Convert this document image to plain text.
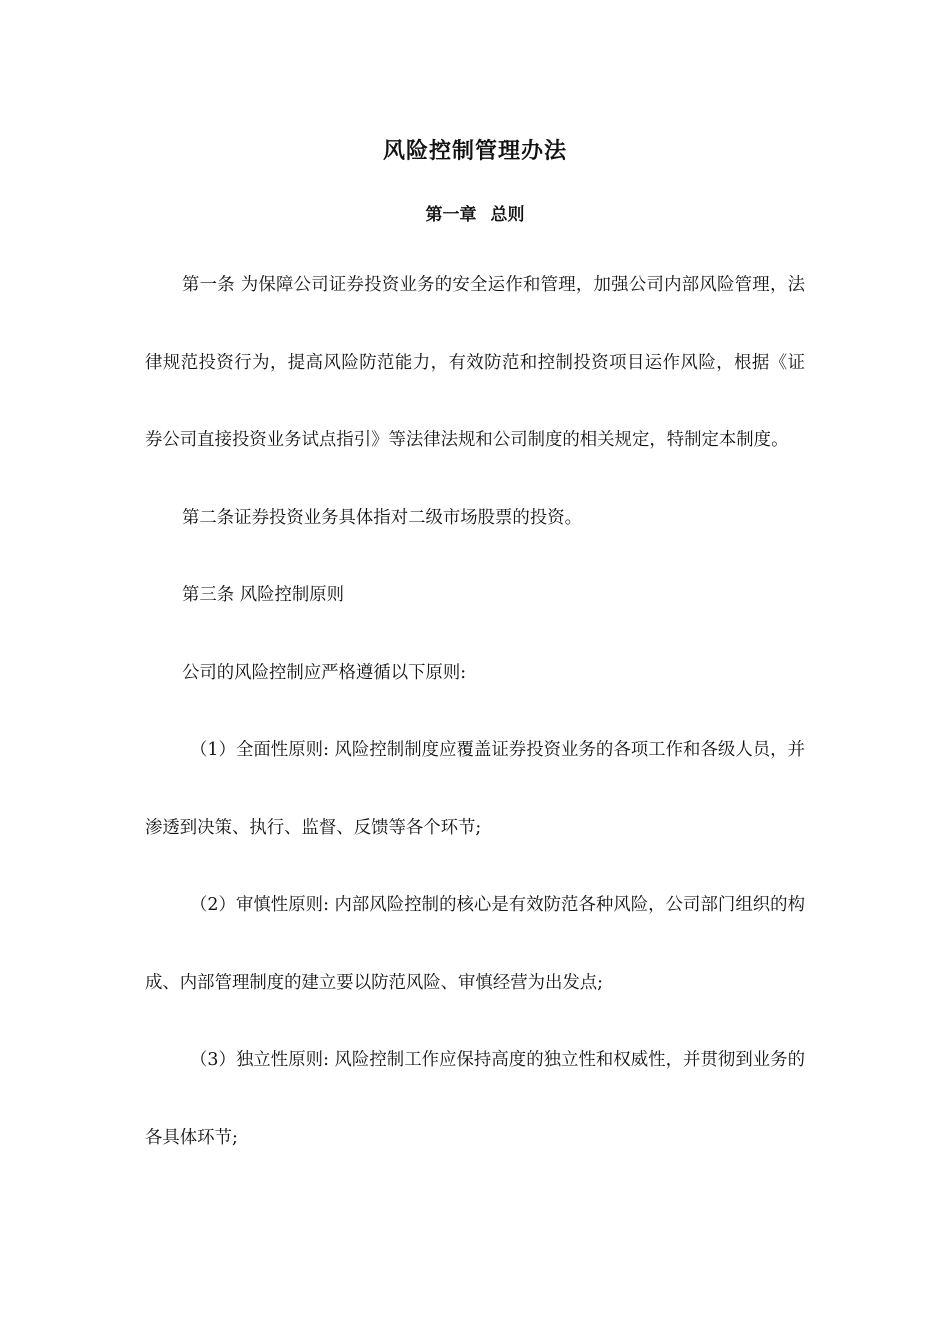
风险控制管理办法
第一章 总则

第一条 为保障公司证券投资业务的安全运作和管理，加强公司内部风险管理，法律规范投资行为，提高风险防范能力，有效防范和控制投资项目运作风险，根据《证券公司直接投资业务试点指引》等法律法规和公司制度的相关规定，特制定本制度。

第二条证券投资业务具体指对二级市场股票的投资。

第三条 风险控制原则

公司的风险控制应严格遵循以下原则:

（1）全面性原则: 风险控制制度应覆盖证券投资业务的各项工作和各级人员，并渗透到决策、执行、监督、反馈等各个环节;

（2）审慎性原则: 内部风险控制的核心是有效防范各种风险，公司部门组织的构成、内部管理制度的建立要以防范风险、审慎经营为出发点;

（3）独立性原则: 风险控制工作应保持高度的独立性和权威性，并贯彻到业务的各具体环节;
